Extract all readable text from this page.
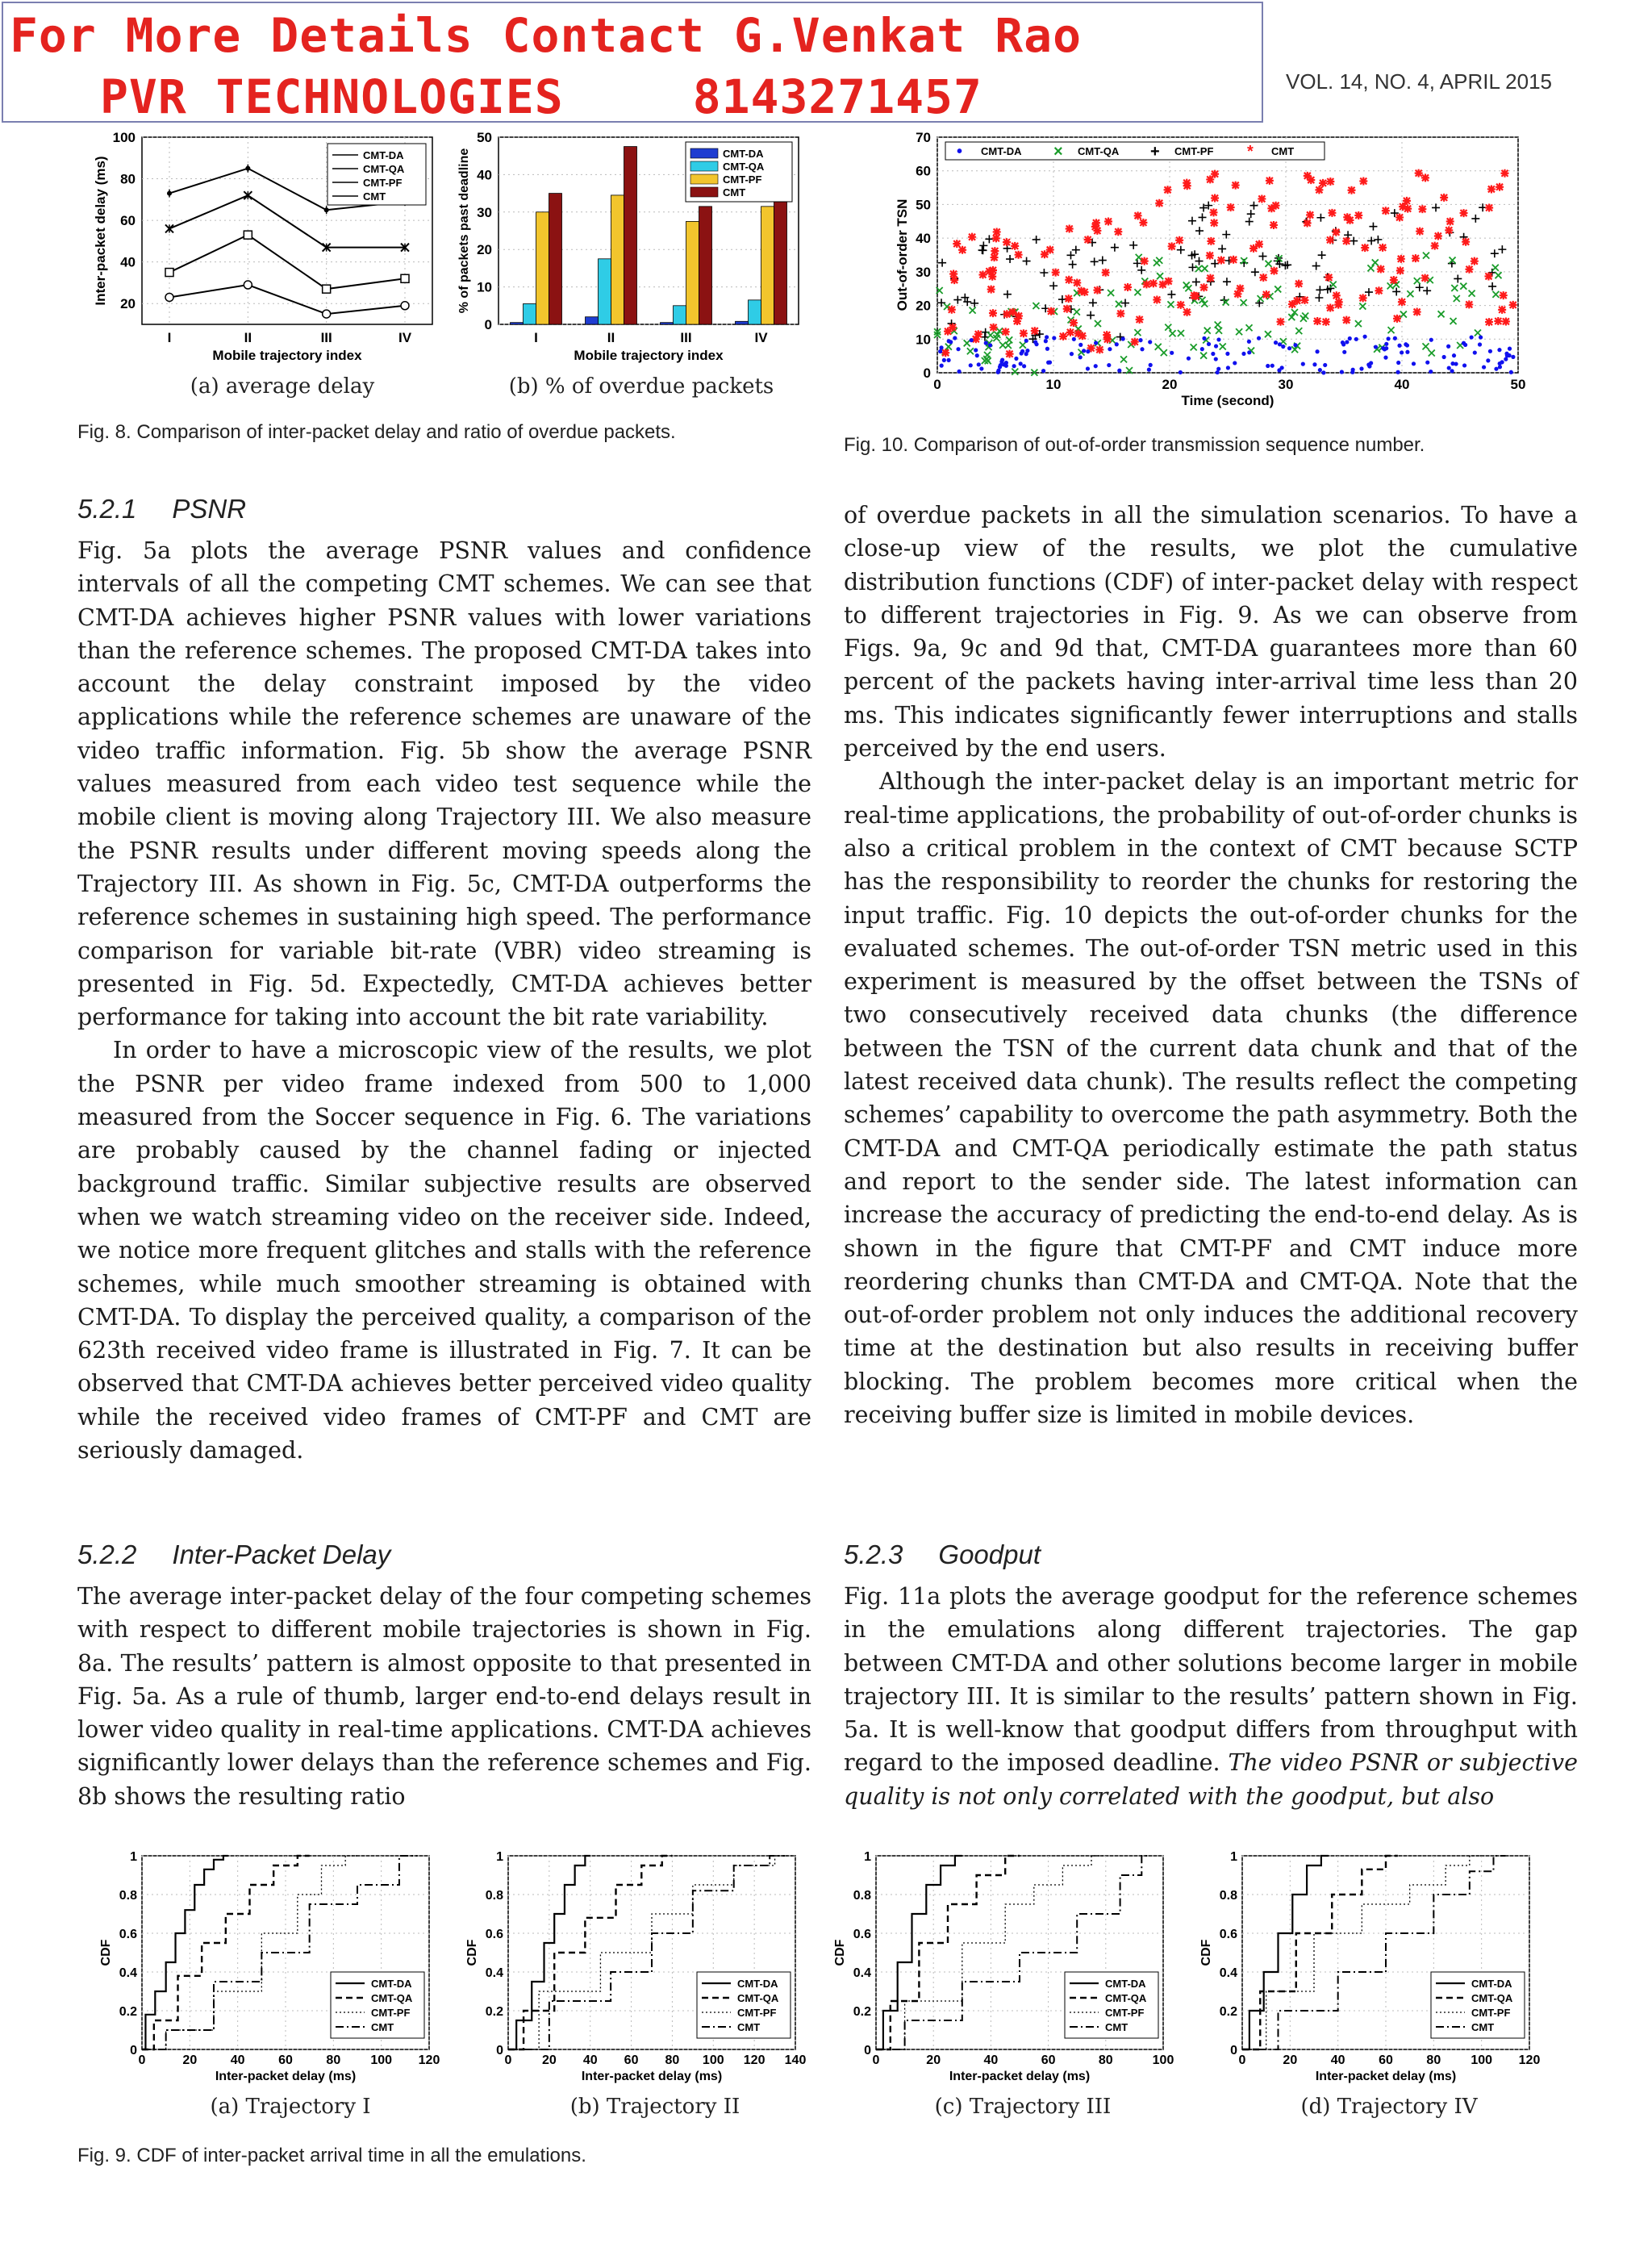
For More Details Contact G.Venkat Rao
PVR TECHNOLOGIES	8143271457	VOL. 14, NO. 4, APRIL 2015
20
40
60
80
100
I	II	III	IV
Mobile trajectory index
Inter-packet delay (ms)
CMT-DA
CMT-QA
CMT-PF
CMT
(a) average delay
0
10
20
30
40
50
I	II	III	IV
Mobile trajectory index
% of packets past deadline	CMT-DA
CMT-QA
CMT-PF
CMT
(b) % of overdue packets
Fig. 8. Comparison of inter-packet delay and ratio of overdue packets.
0
10
20
30
40
50
60
70
0	10	20	30	40	50
Time (second)
Out-of-order TSN
• CMT-DA × CMT-QA + CMT-PF * CMT
Fig. 10. Comparison of out-of-order transmission sequence number.
5.2.1 PSNR

Fig. 5a plots the average PSNR values and confidence intervals of all the competing CMT schemes. We can see that CMT-DA achieves higher PSNR values with lower variations than the reference schemes. The proposed CMT-DA takes into account the delay constraint imposed by the video applications while the reference schemes are unaware of the video traffic information. Fig. 5b show the average PSNR values measured from each video test sequence while the mobile client is moving along Trajectory III. We also measure the PSNR results under different moving speeds along the Trajectory III. As shown in Fig. 5c, CMT-DA outperforms the reference schemes in sustaining high speed. The performance comparison for variable bit-rate (VBR) video streaming is presented in Fig. 5d. Expectedly, CMT-DA achieves better performance for taking into account the bit rate variability.

In order to have a microscopic view of the results, we plot the PSNR per video frame indexed from 500 to 1,000 measured from the Soccer sequence in Fig. 6. The variations are probably caused by the channel fading or injected background traffic. Similar subjective results are observed when we watch streaming video on the receiver side. Indeed, we notice more frequent glitches and stalls with the reference schemes, while much smoother streaming is obtained with CMT-DA. To display the perceived quality, a comparison of the 623th received video frame is illustrated in Fig. 7. It can be observed that CMT-DA achieves better perceived video quality while the received video frames of CMT-PF and CMT are seriously damaged.

5.2.2 Inter-Packet Delay

The average inter-packet delay of the four competing schemes with respect to different mobile trajectories is shown in Fig. 8a. The results’ pattern is almost opposite to that presented in Fig. 5a. As a rule of thumb, larger end-to-end delays result in lower video quality in real-time applications. CMT-DA achieves significantly lower delays than the reference schemes and Fig. 8b shows the resulting ratio

of overdue packets in all the simulation scenarios. To have a close-up view of the results, we plot the cumulative distribution functions (CDF) of inter-packet delay with respect to different trajectories in Fig. 9. As we can observe from Figs. 9a, 9c and 9d that, CMT-DA guarantees more than 60 percent of the packets having inter-arrival time less than 20 ms. This indicates significantly fewer interruptions and stalls perceived by the end users.

Although the inter-packet delay is an important metric for real-time applications, the probability of out-of-order chunks is also a critical problem in the context of CMT because SCTP has the responsibility to reorder the chunks for restoring the input traffic. Fig. 10 depicts the out-of-order chunks for the evaluated schemes. The out-of-order TSN metric used in this experiment is measured by the offset between the TSNs of two consecutively received data chunks (the difference between the TSN of the current data chunk and that of the latest received data chunk). The results reflect the competing schemes’ capability to overcome the path asymmetry. Both the CMT-DA and CMT-QA periodically estimate the path status and report to the sender side. The latest information can increase the accuracy of predicting the end-to-end delay. As is shown in the figure that CMT-PF and CMT induce more reordering chunks than CMT-DA and CMT-QA. Note that the out-of-order problem not only induces the additional recovery time at the destination but also results in receiving buffer blocking. The problem becomes more critical when the receiving buffer size is limited in mobile devices.

5.2.3 Goodput

Fig. 11a plots the average goodput for the reference schemes in the emulations along different trajectories. The gap between CMT-DA and other solutions become larger in mobile trajectory III. It is similar to the results’ pattern shown in Fig. 5a. It is well-know that goodput differs from throughput with regard to the imposed deadline. The video PSNR or subjective quality is not only correlated with the goodput, but also

0
0.2
0.4
0.6
0.8
1
0	20	40	60	80 100 120
Inter-packet delay (ms)
CDF
CMT-DA
CMT-QA
CMT-PF
CMT
0
0.2
0.4
0.6
0.8
1
0 20 40 60 80 100 120 140
Inter-packet delay (ms)
CDF
CMT-DA
CMT-QA
CMT-PF
CMT
0
0.2
0.4
0.6
0.8
1
0	20	40	60	80	100
Inter-packet delay (ms)
CDF
CMT-DA
CMT-QA
CMT-PF
CMT
0
0.2
0.4
0.6
0.8
1
0	20	40	60	80 100 120
Inter-packet delay (ms)
CDF
CMT-DA
CMT-QA
CMT-PF
CMT
(a) Trajectory I	(b) Trajectory II	(c) Trajectory III	(d) Trajectory IV
Fig. 9. CDF of inter-packet arrival time in all the emulations.
